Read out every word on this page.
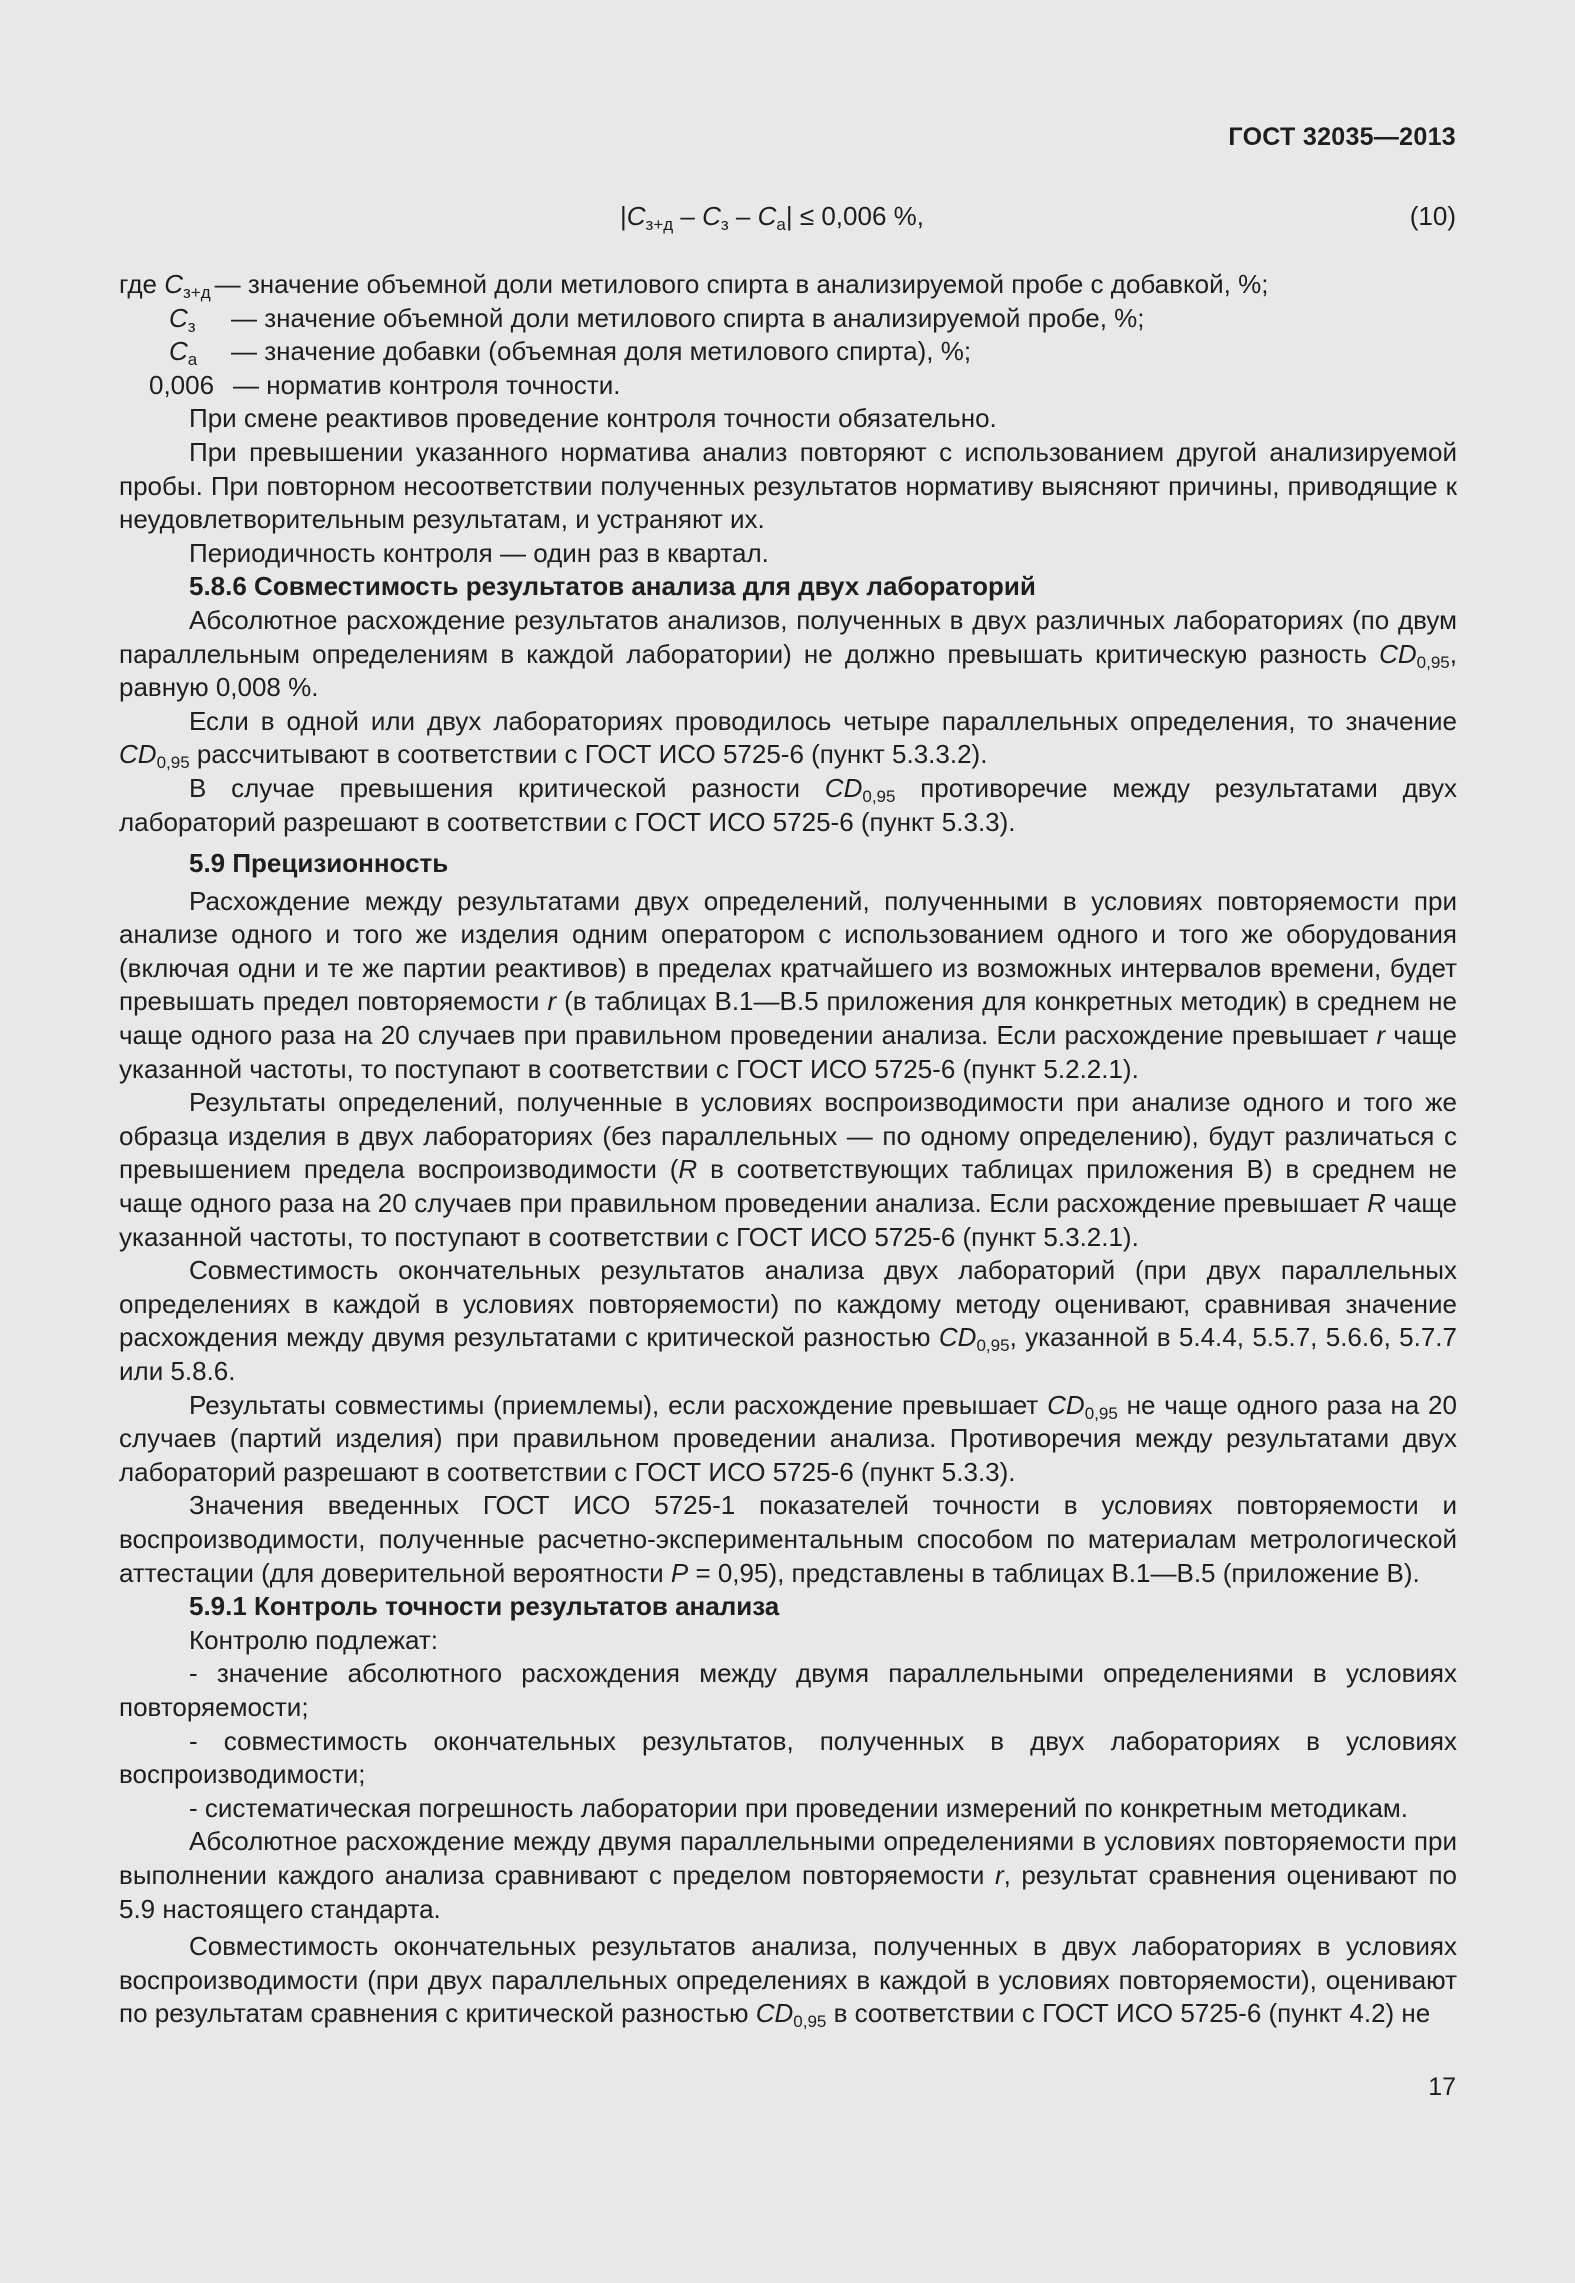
ГОСТ 32035—2013
$|C_{з+д} - C_з - C_а| \le 0,006$ %,	(10)
где $C_{з+д}$ — значение объемной доли метилового спирта в анализируемой пробе с добавкой, %;
$C_з$	— значение объемной доли метилового спирта в анализируемой пробе, %;
$C_а$	— значение добавки (объемная доля метилового спирта), %;
0,006 — норматив контроля точности.

При смене реактивов проведение контроля точности обязательно.

При превышении указанного норматива анализ повторяют с использованием другой анализируемой пробы. При повторном несоответствии полученных результатов нормативу выясняют причины, приводящие к неудовлетворительным результатам, и устраняют их.

Периодичность контроля — один раз в квартал.

5.8.6 Совместимость результатов анализа для двух лабораторий

Абсолютное расхождение результатов анализов, полученных в двух различных лабораториях (по двум параллельным определениям в каждой лаборатории) не должно превышать критическую разность $CD_{0,95}$, равную 0,008 %.

Если в одной или двух лабораториях проводилось четыре параллельных определения, то значение $CD_{0,95}$ рассчитывают в соответствии с ГОСТ ИСО 5725-6 (пункт 5.3.3.2).

В случае превышения критической разности $CD_{0,95}$ противоречие между результатами двух лабораторий разрешают в соответствии с ГОСТ ИСО 5725-6 (пункт 5.3.3).

5.9 Прецизионность

Расхождение между результатами двух определений, полученными в условиях повторяемости при анализе одного и того же изделия одним оператором с использованием одного и того же оборудования (включая одни и те же партии реактивов) в пределах кратчайшего из возможных интервалов времени, будет превышать предел повторяемости r (в таблицах В.1—В.5 приложения для конкретных методик) в среднем не чаще одного раза на 20 случаев при правильном проведении анализа. Если расхождение превышает r чаще указанной частоты, то поступают в соответствии с ГОСТ ИСО 5725-6 (пункт 5.2.2.1).

Результаты определений, полученные в условиях воспроизводимости при анализе одного и того же образца изделия в двух лабораториях (без параллельных — по одному определению), будут различаться с превышением предела воспроизводимости (R в соответствующих таблицах приложения В) в среднем не чаще одного раза на 20 случаев при правильном проведении анализа. Если расхождение превышает R чаще указанной частоты, то поступают в соответствии с ГОСТ ИСО 5725-6 (пункт 5.3.2.1).

Совместимость окончательных результатов анализа двух лабораторий (при двух параллельных определениях в каждой в условиях повторяемости) по каждому методу оценивают, сравнивая значение расхождения между двумя результатами с критической разностью $CD_{0,95}$, указанной в 5.4.4, 5.5.7, 5.6.6, 5.7.7 или 5.8.6.

Результаты совместимы (приемлемы), если расхождение превышает $CD_{0,95}$ не чаще одного раза на 20 случаев (партий изделия) при правильном проведении анализа. Противоречия между результатами двух лабораторий разрешают в соответствии с ГОСТ ИСО 5725-6 (пункт 5.3.3).

Значения введенных ГОСТ ИСО 5725-1 показателей точности в условиях повторяемости и воспроизводимости, полученные расчетно-экспериментальным способом по материалам метрологической аттестации (для доверительной вероятности P = 0,95), представлены в таблицах В.1—В.5 (приложение В).

5.9.1 Контроль точности результатов анализа

Контролю подлежат:

- значение абсолютного расхождения между двумя параллельными определениями в условиях повторяемости;

- совместимость окончательных результатов, полученных в двух лабораториях в условиях воспроизводимости;

- систематическая погрешность лаборатории при проведении измерений по конкретным методикам.

Абсолютное расхождение между двумя параллельными определениями в условиях повторяемости при выполнении каждого анализа сравнивают с пределом повторяемости r, результат сравнения оценивают по 5.9 настоящего стандарта.

Совместимость окончательных результатов анализа, полученных в двух лабораториях в условиях воспроизводимости (при двух параллельных определениях в каждой в условиях повторяемости), оценивают по результатам сравнения с критической разностью $CD_{0,95}$ в соответствии с ГОСТ ИСО 5725-6 (пункт 4.2) не

17
